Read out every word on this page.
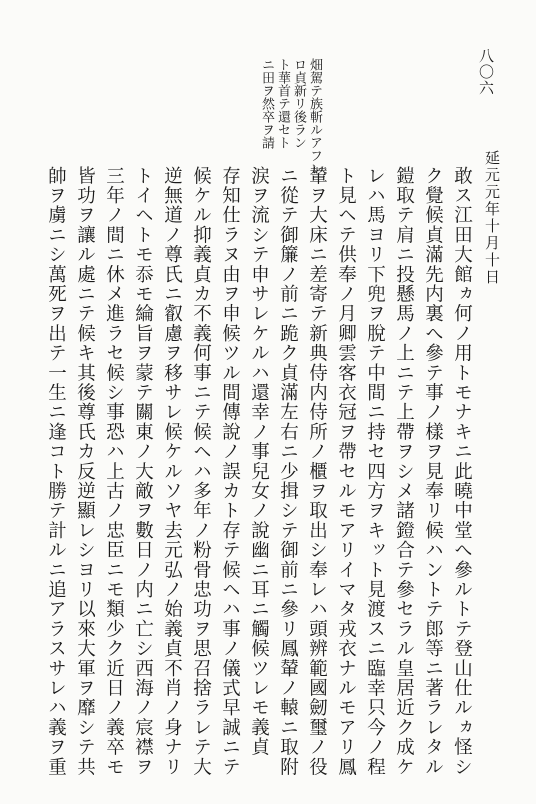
八〇六
畑駕テ族斬ルアフレ
ロ貞新リ後ラン
ト華首テ還セト
ニ田ヲ然卒ヲ請
延元元年十月十日
敢ス江田大館ヵ何ノ用トモナキニ此曉中堂へ參ルトテ登山仕ルヵ怪シ
ク覺候貞滿先内裏へ參テ事ノ樣ヲ見奉リ候ハントテ郎等ニ著ラレタル
鎧取テ肩ニ投懸馬ノ上ニテ上帶ヲシメ諸鐙合テ參セラル皇居近ク成ケ
レハ馬ヨリ下兜ヲ脫テ中間ニ持セ四方ヲキット見渡スニ臨幸只今ノ程
ト見ヘテ供奉ノ月卿雲客衣冠ヲ帶セルモアリイマタ戎衣ナルモアリ鳳
輦ヲ大床ニ差寄テ新典侍内侍所ノ櫃ヲ取出シ奉レハ頭辨範國劒璽ノ役
ニ從テ御簾ノ前ニ跪ク貞滿左右ニ少揖シテ御前ニ參リ鳳輦ノ轅ニ取附
涙ヲ流シテ申サレケルハ還幸ノ事兒女ノ說幽ニ耳ニ觸候ツレモ義貞
存知仕ラヌ由ヲ申候ツル間傳說ノ誤カト存テ候ヘハ事ノ儀式早誠ニテ
候ケル抑義貞カ不義何事ニテ候ヘハ多年ノ粉骨忠功ヲ思召捨ラレテ大
逆無道ノ尊氏ニ叡慮ヲ移サレ候ケルソヤ去元弘ノ始義貞不肖ノ身ナリ
トイヘトモ忝モ綸旨ヲ蒙テ關東ノ大敵ヲ數日ノ内ニ亡シ西海ノ宸襟ヲ
三年ノ間ニ休メ進ラセ候シ事恐ハ上古ノ忠臣ニモ類少ク近日ノ義卒モ
皆功ヲ讓ル處ニテ候キ其後尊氏カ反逆顯レシヨリ以來大軍ヲ靡シテ共
帥ヲ虜ニシ萬死ヲ出テ一生ニ逢コト勝テ計ルニ追アラスサレハ義ヲ重
